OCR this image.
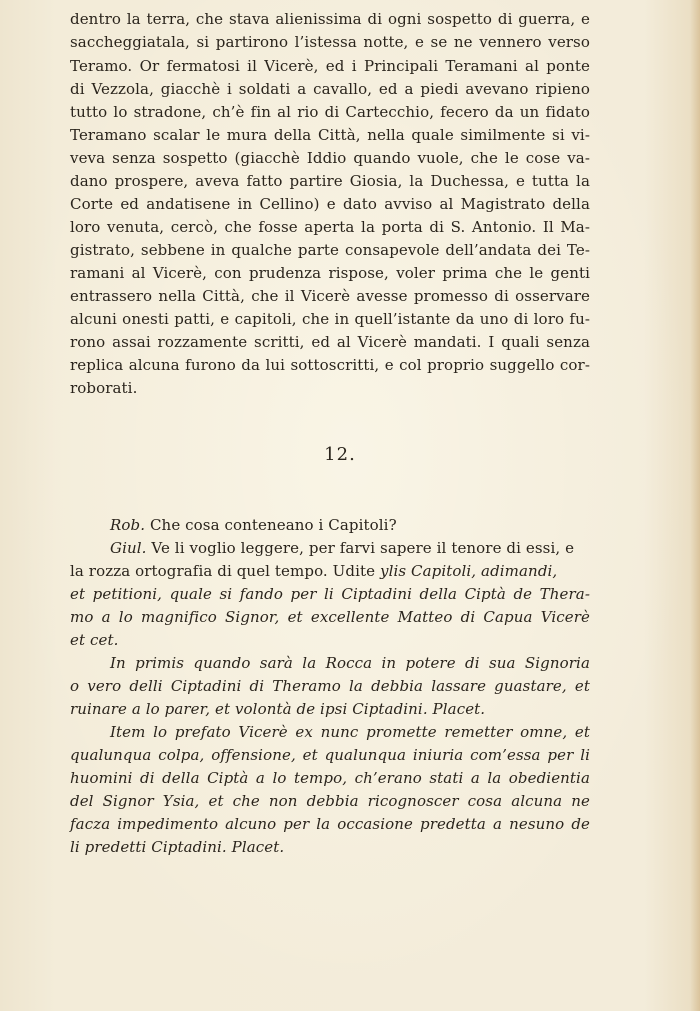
dentro la terra, che stava alienissima di ogni sospetto di guerra, e
saccheggiatala, si partirono l’istessa notte, e se ne vennero verso
Teramo. Or fermatosi il Vicerè, ed i Principali Teramani al ponte
di Vezzola, giacchè i soldati a cavallo, ed a piedi avevano ripieno
tutto lo stradone, ch’è fin al rio di Cartecchio, fecero da un fidato
Teramano scalar le mura della Città, nella quale similmente si vi-
veva senza sospetto (giacchè Iddio quando vuole, che le cose va-
dano prospere, aveva fatto partire Giosia, la Duchessa, e tutta la
Corte ed andatisene in Cellino) e dato avviso al Magistrato della
loro venuta, cercò, che fosse aperta la porta di S. Antonio. Il Ma-
gistrato, sebbene in qualche parte consapevole dell’andata dei Te-
ramani al Vicerè, con prudenza rispose, voler prima che le genti
entrassero nella Città, che il Vicerè avesse promesso di osservare
alcuni onesti patti, e capitoli, che in quell’istante da uno di loro fu-
rono assai rozzamente scritti, ed al Vicerè mandati. I quali senza
replica alcuna furono da lui sottoscritti, e col proprio suggello cor-
roborati.
12.
Rob. Che cosa conteneano i Capitoli?
Giul. Ve li voglio leggere, per farvi sapere il tenore di essi, e
la rozza ortografia di quel tempo. Udite ylis Capitoli, adimandi,
et petitioni, quale si fando per li Ciptadini della Ciptà de Thera-
mo a lo magnifico Signor, et excellente Matteo di Capua Vicerè
et cet.
In primis quando sarà la Rocca in potere di sua Signoria
o vero delli Ciptadini di Theramo la debbia lassare guastare, et
ruinare a lo parer, et volontà de ipsi Ciptadini. Placet.
Item lo prefato Vicerè ex nunc promette remetter omne, et
qualunqua colpa, offensione, et qualunqua iniuria com’essa per li
huomini di della Ciptà a lo tempo, ch’erano stati a la obedientia
del Signor Ysia, et che non debbia ricognoscer cosa alcuna ne
facza impedimento alcuno per la occasione predetta a nesuno de
li predetti Ciptadini. Placet.
